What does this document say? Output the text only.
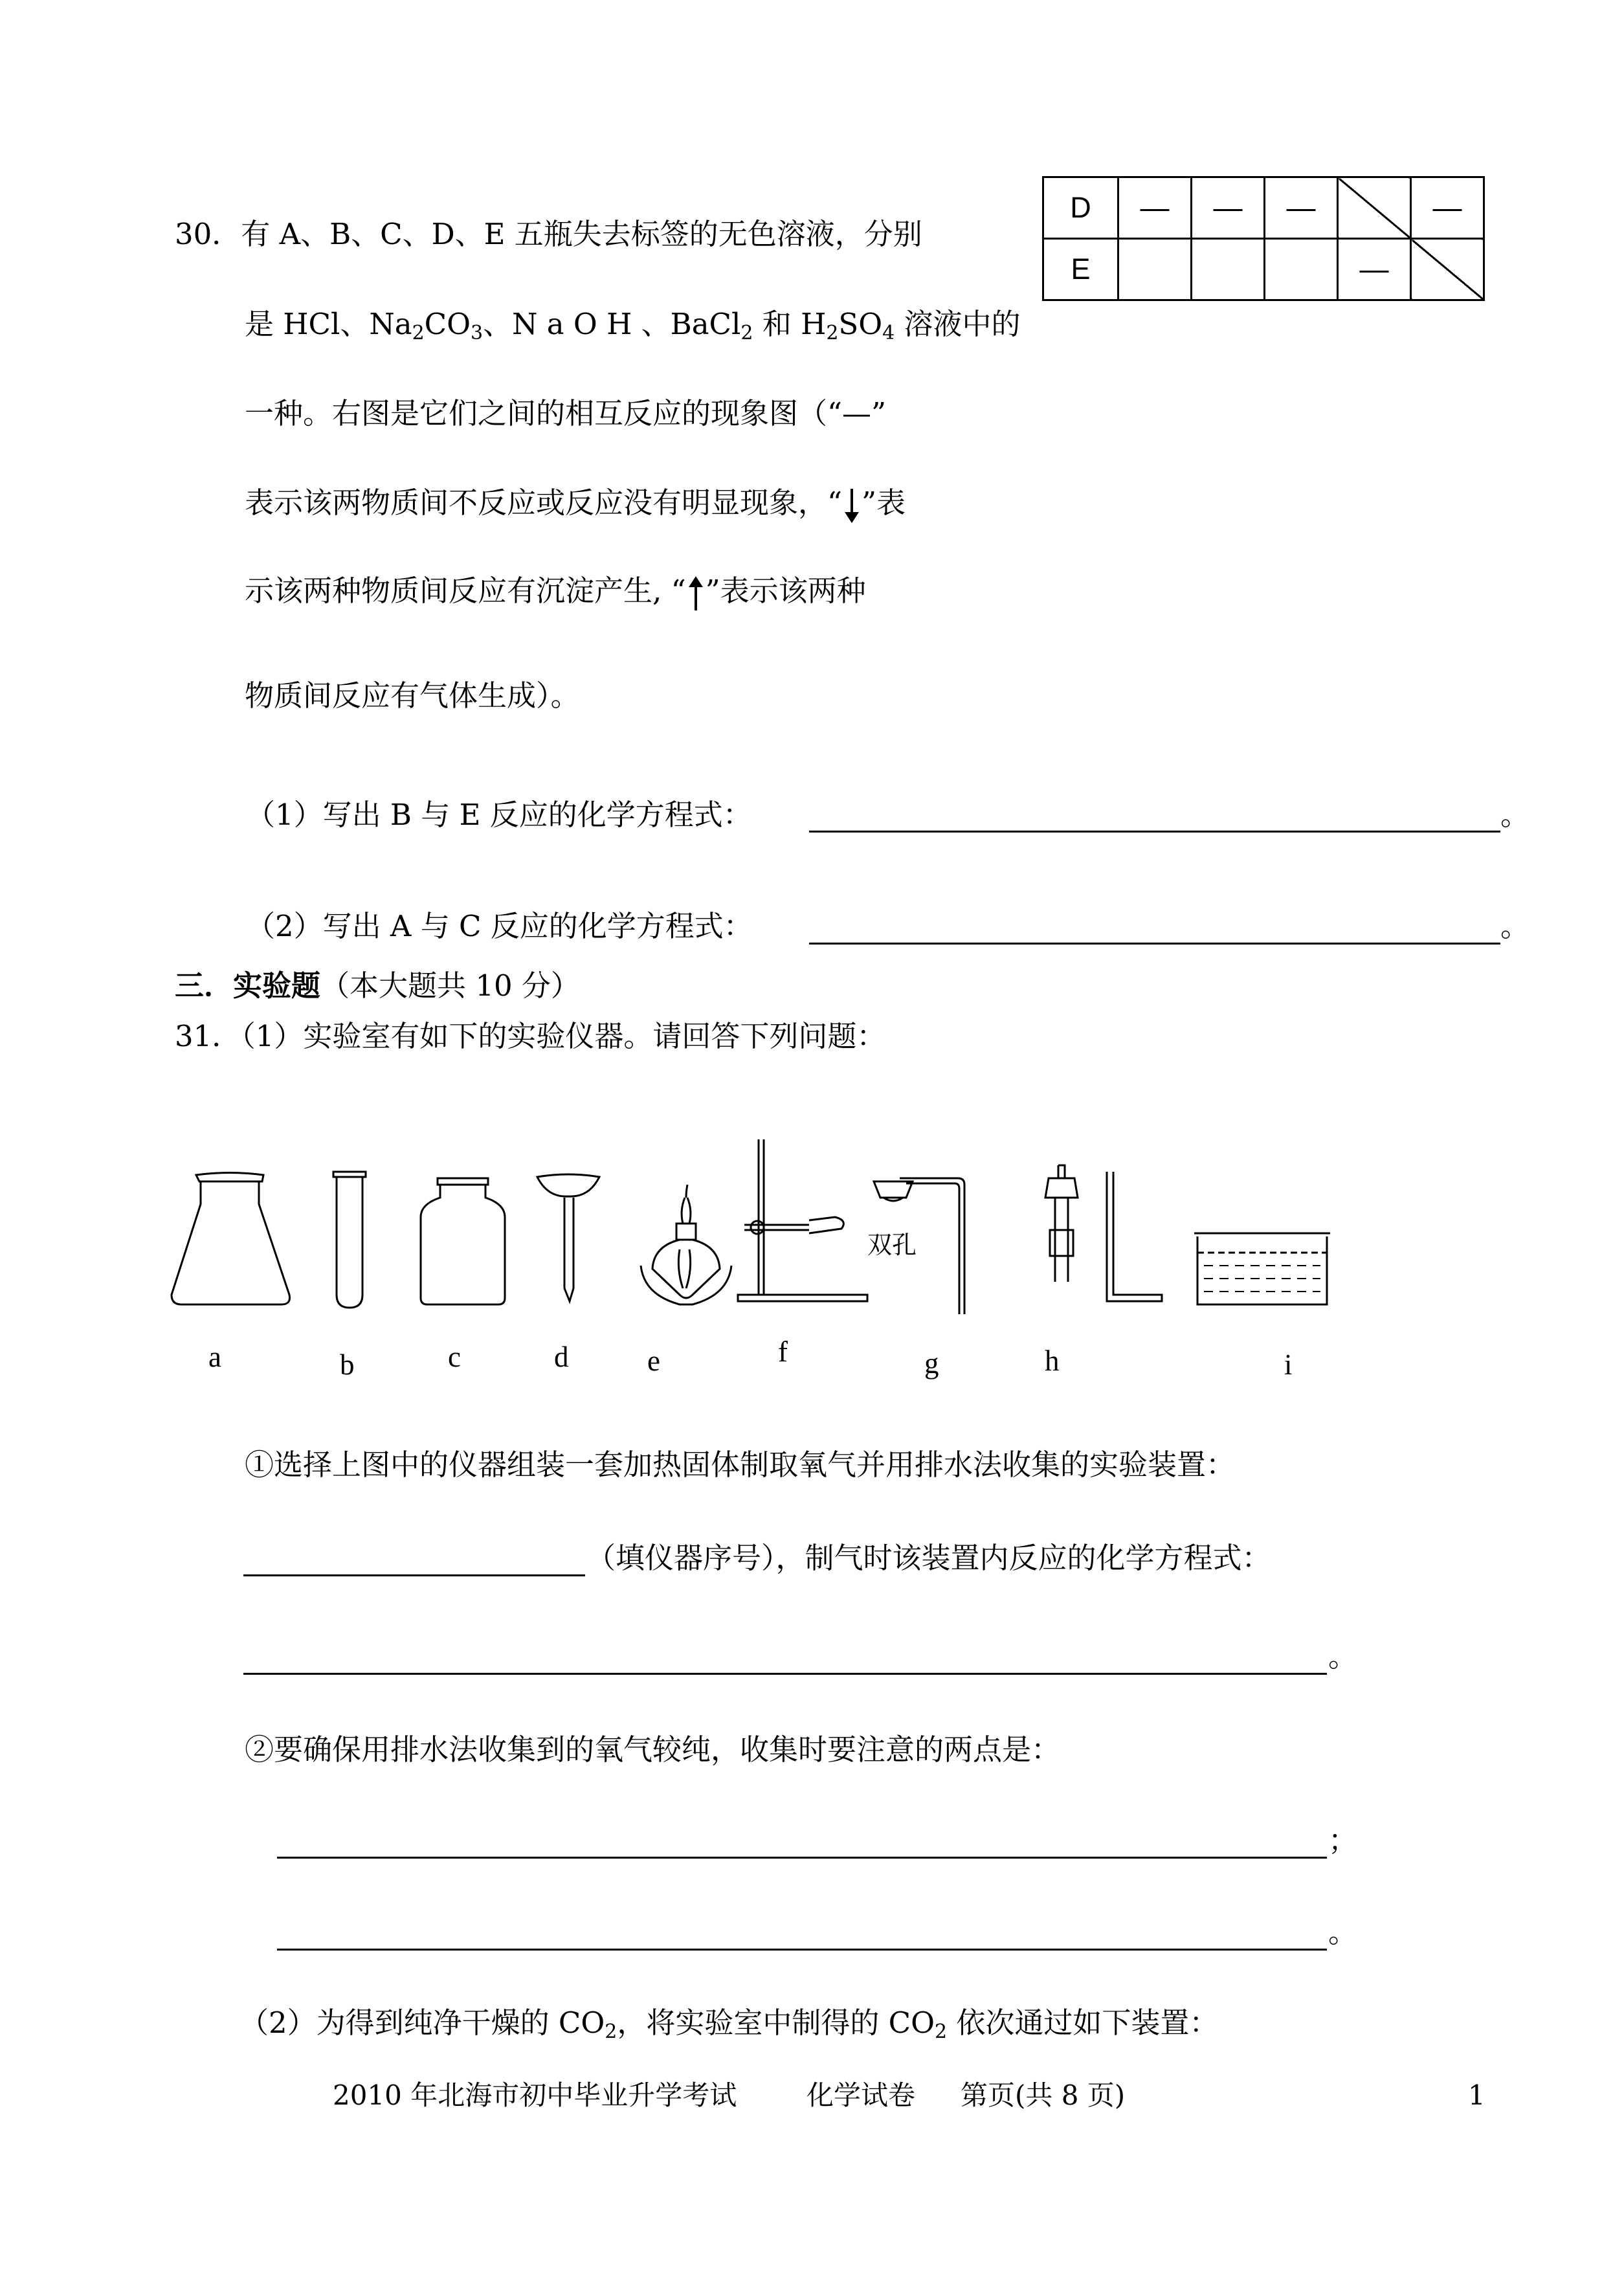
D	—	—	—		—
E				—	
30．有 A、B、C、D、E 五瓶失去标签的无色溶液，分别
是 HCl、$Na_2CO_3$、N a O H 、BaCl$_2$ 和 $H_2SO_4$ 溶液中的
一种。右图是它们之间的相互反应的现象图（“—”
表示该两物质间不反应或反应没有明显现象，“ ”表
示该两种物质间反应有沉淀产生, “ ”表示该两种
物质间反应有气体生成）。
（1）写出 B 与 E 反应的化学方程式：	。
（2）写出 A 与 C 反应的化学方程式：	。
三．实验题（本大题共 10 分）
31．（1）实验室有如下的实验仪器。请回答下列问题：
双孔
a	b	c	d	e	f	g	h	i
①选择上图中的仪器组装一套加热固体制取氧气并用排水法收集的实验装置：
（填仪器序号），制气时该装置内反应的化学方程式：
。
②要确保用排水法收集到的氧气较纯，收集时要注意的两点是：
；
。
（2）为得到纯净干燥的 $CO_2$，将实验室中制得的 $CO_2$ 依次通过如下装置：
2010 年北海市初中毕业升学考试	化学试卷 第页(共 8 页)	1
